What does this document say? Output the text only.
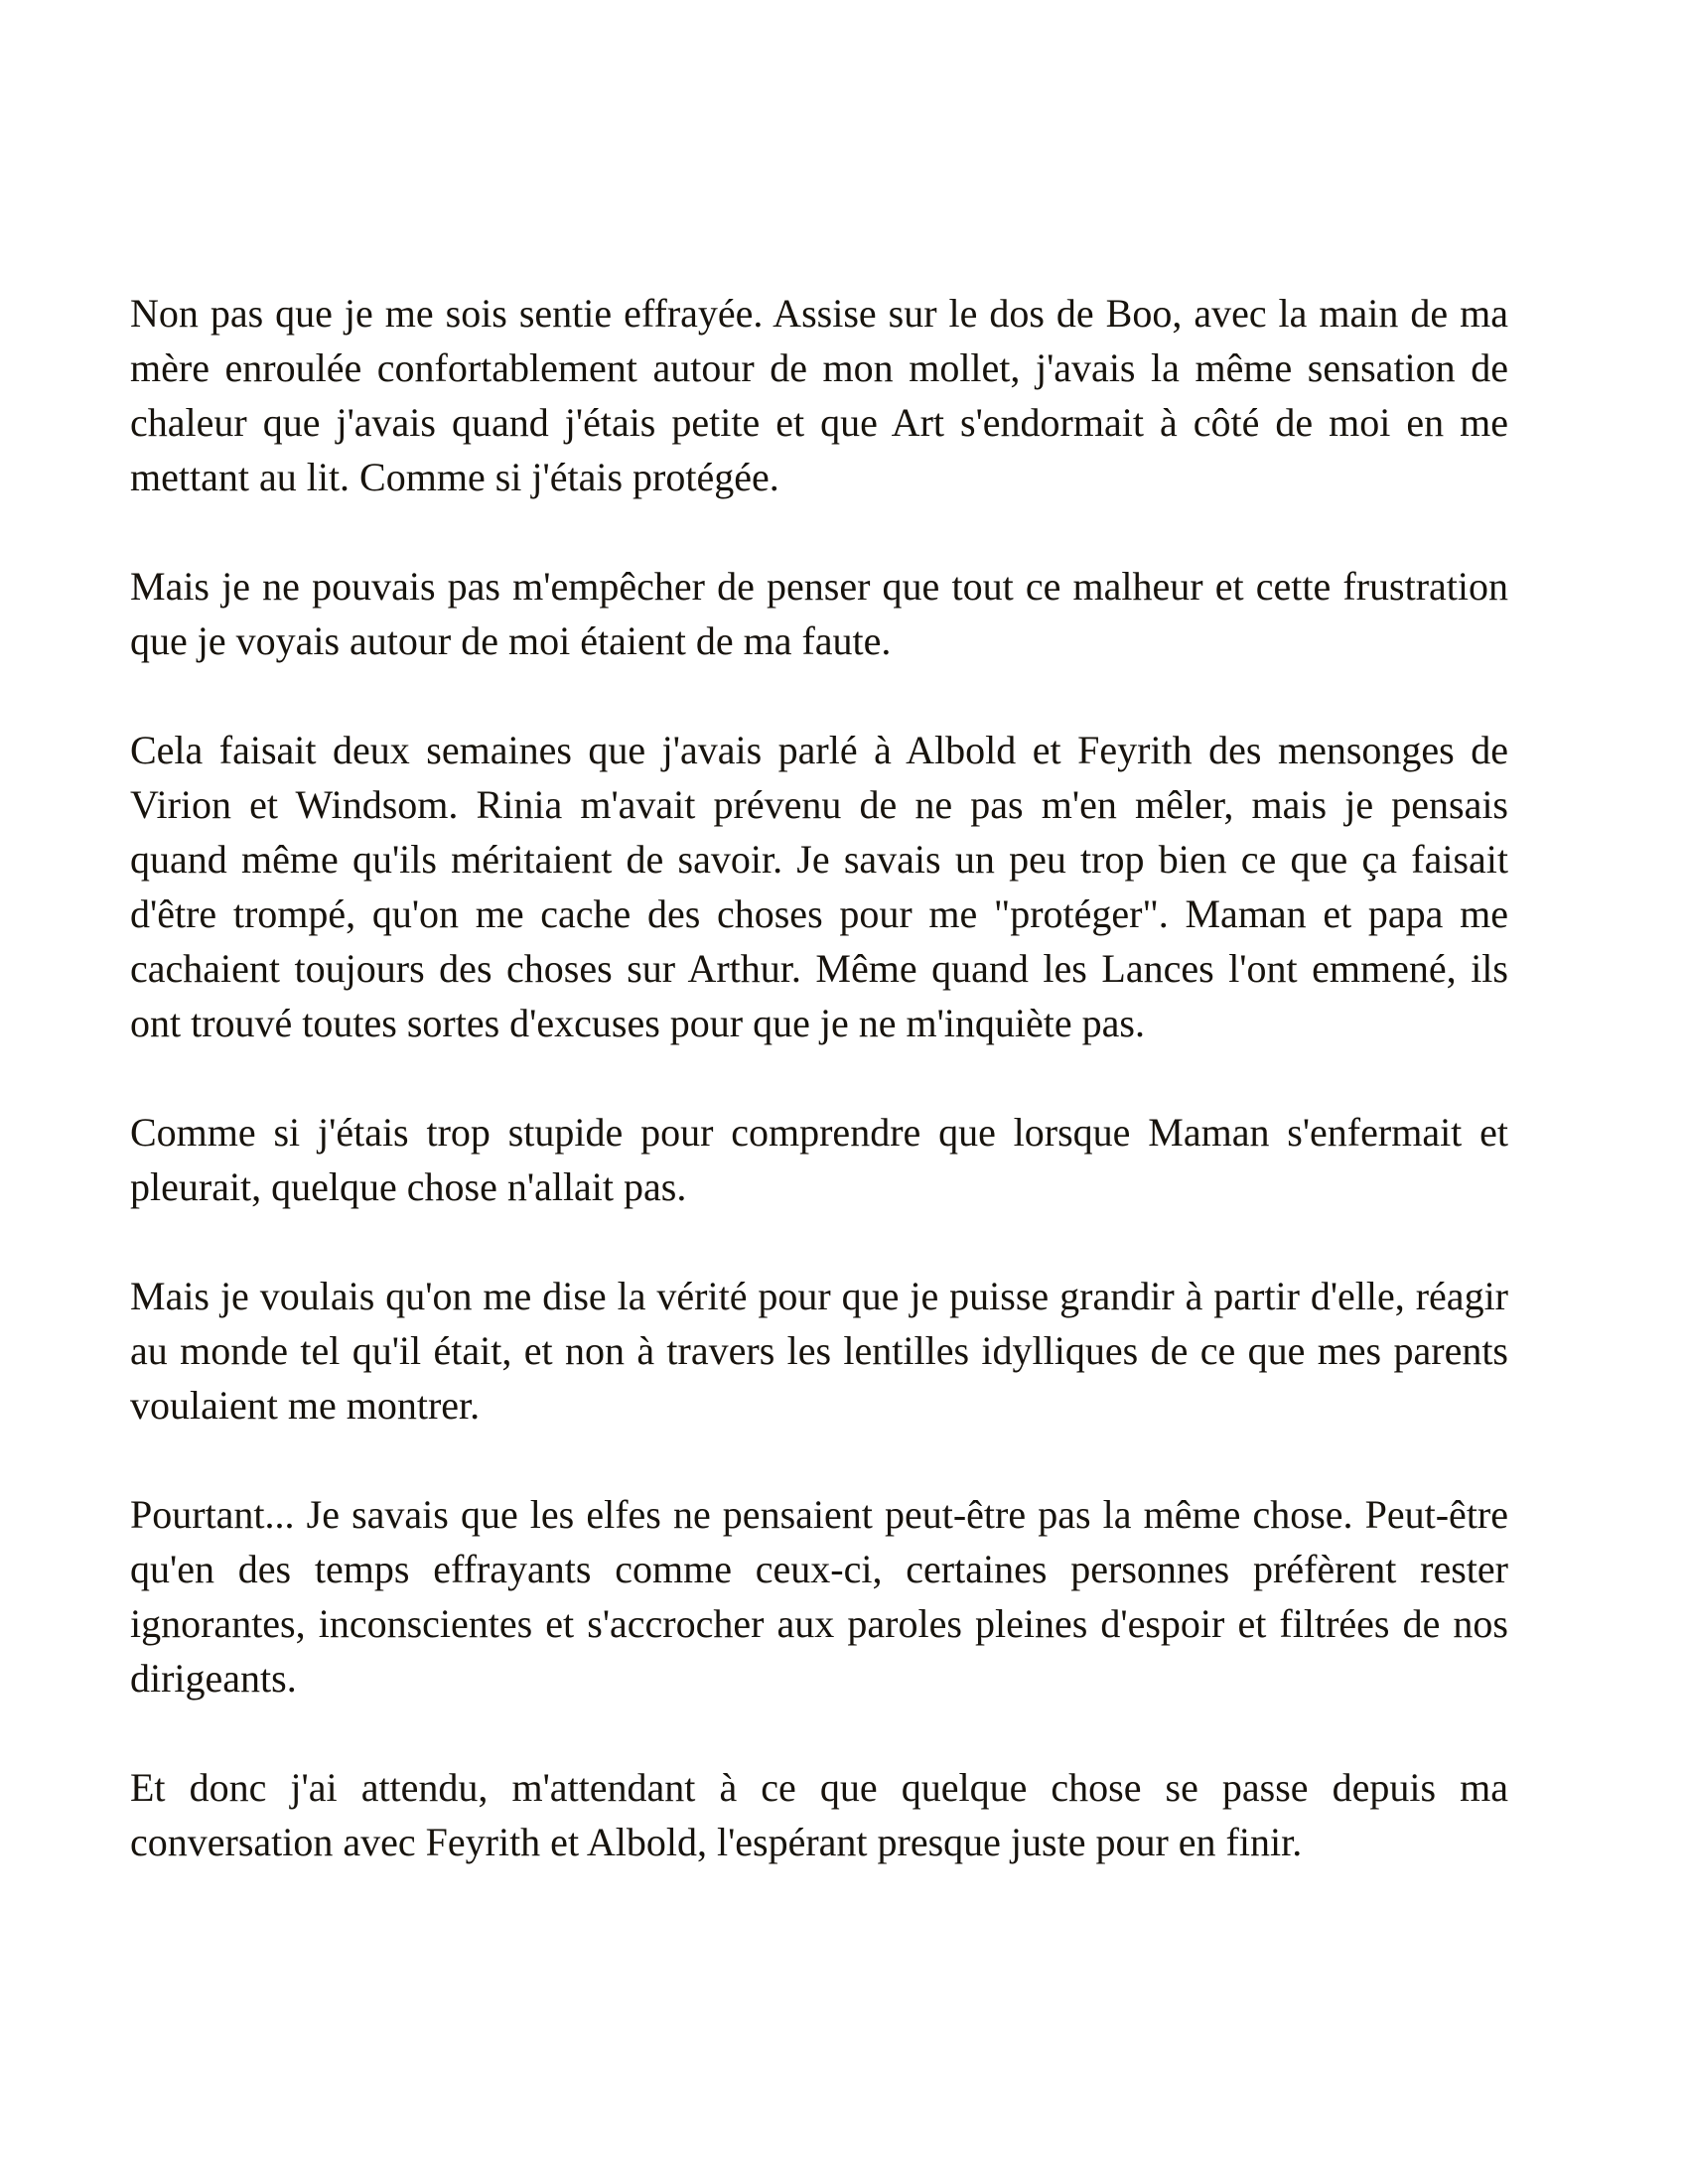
Non pas que je me sois sentie effrayée. Assise sur le dos de Boo, avec la main de ma mère enroulée confortablement autour de mon mollet, j'avais la même sensation de chaleur que j'avais quand j'étais petite et que Art s'endormait à côté de moi en me mettant au lit. Comme si j'étais protégée.

Mais je ne pouvais pas m'empêcher de penser que tout ce malheur et cette frustration que je voyais autour de moi étaient de ma faute.

Cela faisait deux semaines que j'avais parlé à Albold et Feyrith des mensonges de Virion et Windsom. Rinia m'avait prévenu de ne pas m'en mêler, mais je pensais quand même qu'ils méritaient de savoir. Je savais un peu trop bien ce que ça faisait d'être trompé, qu'on me cache des choses pour me "protéger". Maman et papa me cachaient toujours des choses sur Arthur. Même quand les Lances l'ont emmené, ils ont trouvé toutes sortes d'excuses pour que je ne m'inquiète pas.

Comme si j'étais trop stupide pour comprendre que lorsque Maman s'enfermait et pleurait, quelque chose n'allait pas.

Mais je voulais qu'on me dise la vérité pour que je puisse grandir à partir d'elle, réagir au monde tel qu'il était, et non à travers les lentilles idylliques de ce que mes parents voulaient me montrer.

Pourtant... Je savais que les elfes ne pensaient peut-être pas la même chose. Peut-être qu'en des temps effrayants comme ceux-ci, certaines personnes préfèrent rester ignorantes, inconscientes et s'accrocher aux paroles pleines d'espoir et filtrées de nos dirigeants.

Et donc j'ai attendu, m'attendant à ce que quelque chose se passe depuis ma conversation avec Feyrith et Albold, l'espérant presque juste pour en finir.
